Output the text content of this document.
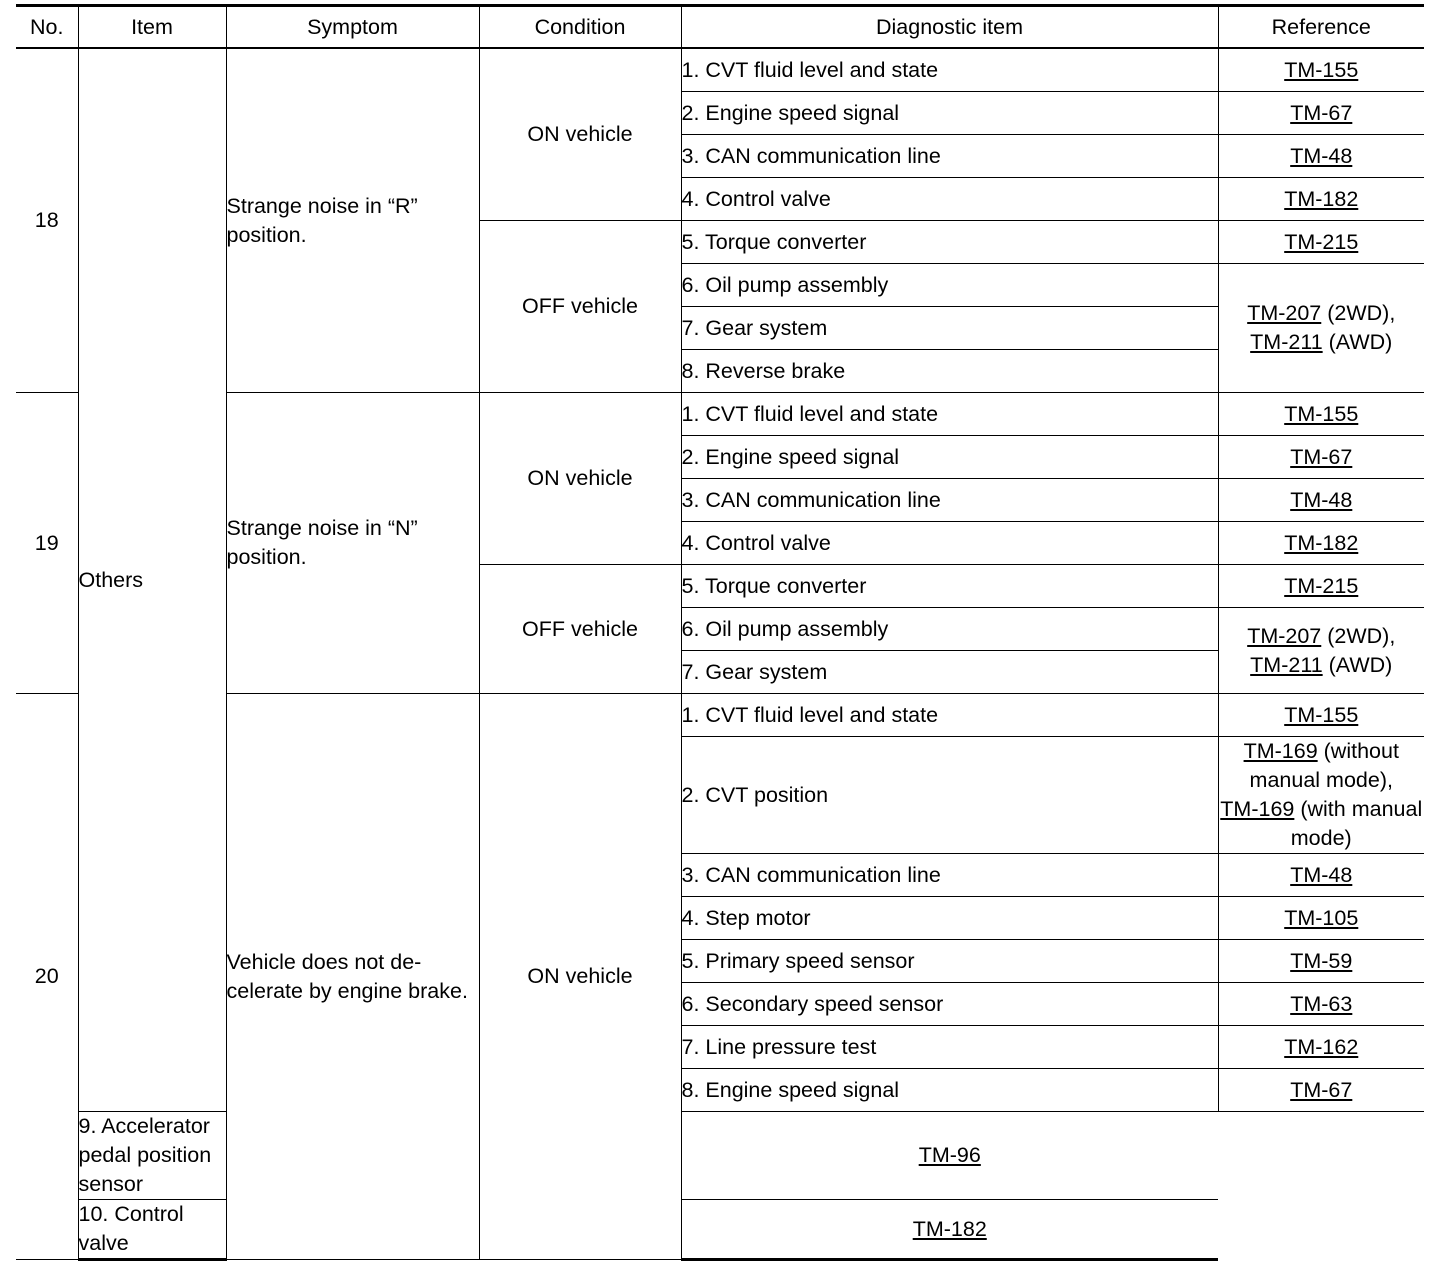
No.	Item	Symptom	Condition	Diagnostic item	Reference
18	Others	Strange noise in “R” position.	ON vehicle	1. CVT fluid level and state	TM-155
				2. Engine speed signal	TM-67
				3. CAN communication line	TM-48
				4. Control valve	TM-182
			OFF vehicle	5. Torque converter	TM-215
				6. Oil pump assembly	TM-207 (2WD),
TM-211 (AWD)
				7. Gear system	
				8. Reverse brake	
19		Strange noise in “N” position.	ON vehicle	1. CVT fluid level and state	TM-155
				2. Engine speed signal	TM-67
				3. CAN communication line	TM-48
				4. Control valve	TM-182
			OFF vehicle	5. Torque converter	TM-215
				6. Oil pump assembly	TM-207 (2WD),
TM-211 (AWD)
				7. Gear system	
20		Vehicle does not de-celerate by engine brake.	ON vehicle	1. CVT fluid level and state	TM-155
				2. CVT position	TM-169 (without manual mode),
TM-169 (with manual mode)
				3. CAN communication line	TM-48
				4. Step motor	TM-105
				5. Primary speed sensor	TM-59
				6. Secondary speed sensor	TM-63
				7. Line pressure test	TM-162
				8. Engine speed signal	TM-67
	9. Accelerator pedal position sensor			TM-96	
	10. Control valve			TM-182	
